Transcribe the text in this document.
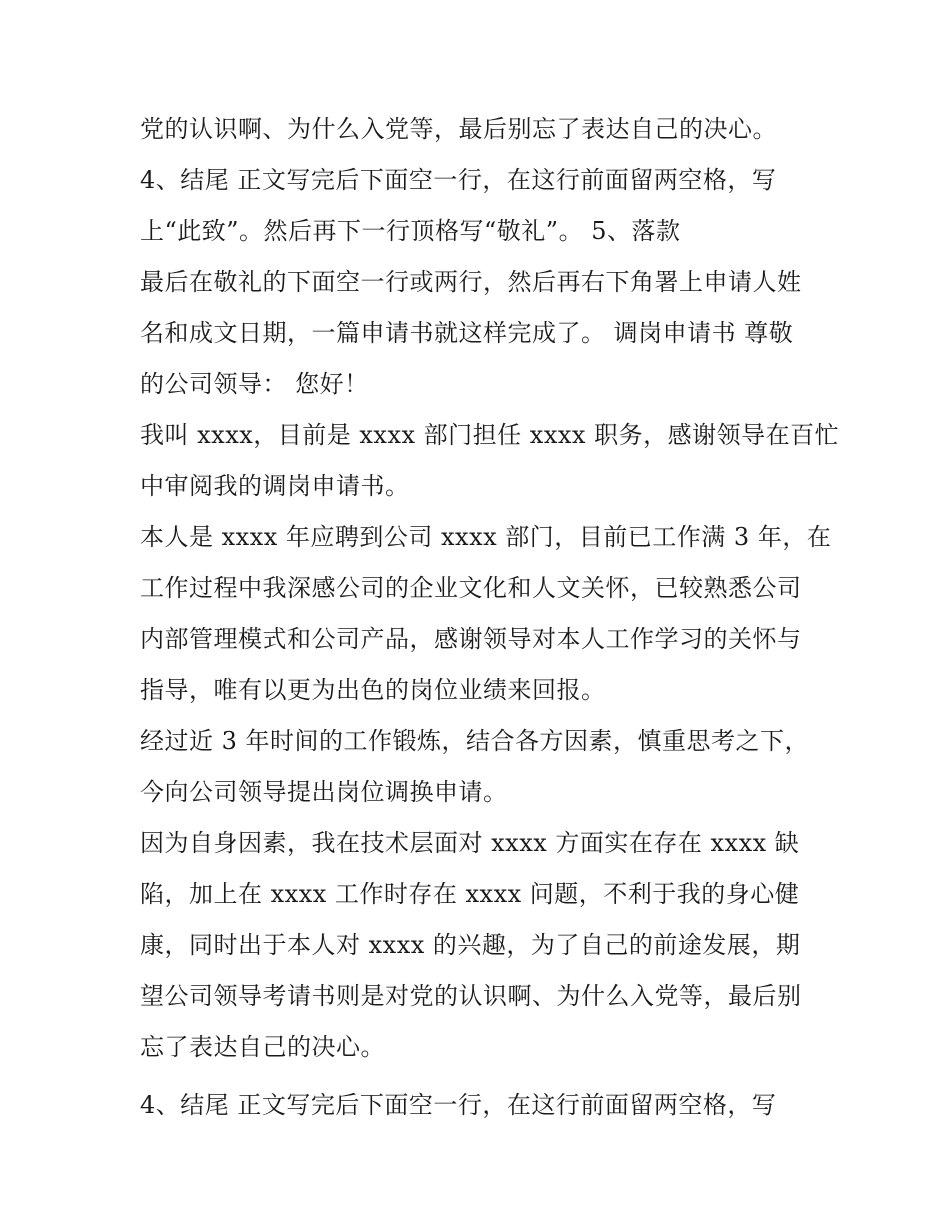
党的认识啊、为什么入党等，最后别忘了表达自己的决心。
4、结尾 正文写完后下面空一行，在这行前面留两空格，写
上“此致”。然后再下一行顶格写“敬礼”。 5、落款
最后在敬礼的下面空一行或两行，然后再右下角署上申请人姓
名和成文日期，一篇申请书就这样完成了。 调岗申请书 尊敬
的公司领导： 您好！
我叫 xxxx，目前是 xxxx 部门担任 xxxx 职务，感谢领导在百忙
中审阅我的调岗申请书。
本人是 xxxx 年应聘到公司 xxxx 部门，目前已工作满 3 年，在
工作过程中我深感公司的企业文化和人文关怀，已较熟悉公司
内部管理模式和公司产品，感谢领导对本人工作学习的关怀与
指导，唯有以更为出色的岗位业绩来回报。
经过近 3 年时间的工作锻炼，结合各方因素，慎重思考之下，
今向公司领导提出岗位调换申请。
因为自身因素，我在技术层面对 xxxx 方面实在存在 xxxx 缺
陷，加上在 xxxx 工作时存在 xxxx 问题，不利于我的身心健
康，同时出于本人对 xxxx 的兴趣，为了自己的前途发展，期
望公司领导考请书则是对党的认识啊、为什么入党等，最后别
忘了表达自己的决心。
4、结尾 正文写完后下面空一行，在这行前面留两空格，写
